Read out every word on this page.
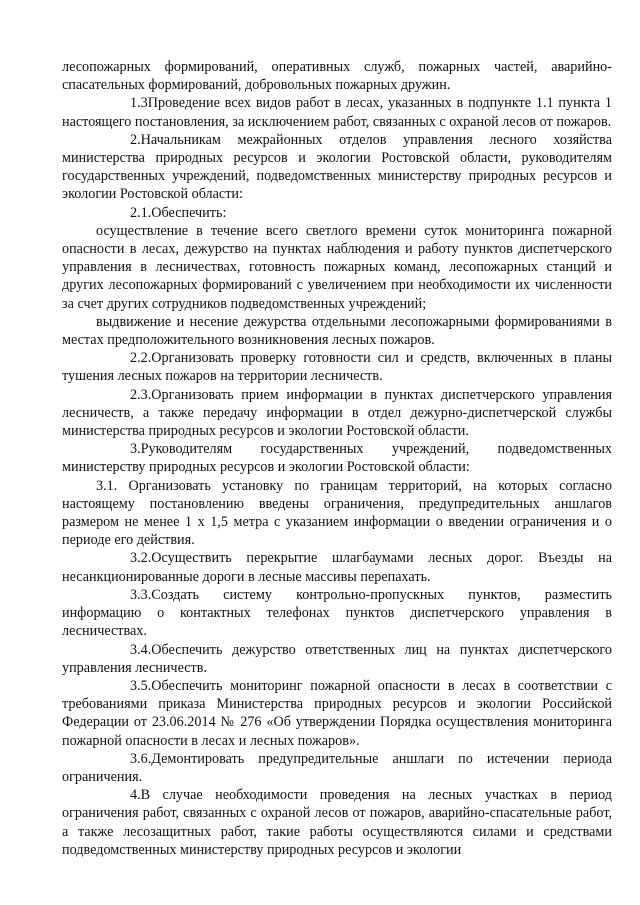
лесопожарных формирований, оперативных служб, пожарных частей, аварийно-спасательных формирований, добровольных пожарных дружин.

1.3Проведение всех видов работ в лесах, указанных в подпункте 1.1 пункта 1 настоящего постановления, за исключением работ, связанных с охраной лесов от пожаров.

2.Начальникам межрайонных отделов управления лесного хозяйства министерства природных ресурсов и экологии Ростовской области, руководителям государственных учреждений, подведомственных министерству природных ресурсов и экологии Ростовской области:

2.1.Обеспечить:

осуществление в течение всего светлого времени суток мониторинга пожарной опасности в лесах, дежурство на пунктах наблюдения и работу пунктов диспетчерского управления в лесничествах, готовность пожарных команд, лесопожарных станций и других лесопожарных формирований с увеличением при необходимости их численности за счет других сотрудников подведомственных учреждений;

выдвижение и несение дежурства отдельными лесопожарными формированиями в местах предположительного возникновения лесных пожаров.

2.2.Организовать проверку готовности сил и средств, включенных в планы тушения лесных пожаров на территории лесничеств.

2.3.Организовать прием информации в пунктах диспетчерского управления лесничеств, а также передачу информации в отдел дежурно-диспетчерской службы министерства природных ресурсов и экологии Ростовской области.

3.Руководителям государственных учреждений, подведомственных министерству природных ресурсов и экологии Ростовской области:

3.1. Организовать установку по границам территорий, на которых согласно настоящему постановлению введены ограничения, предупредительных аншлагов размером не менее 1 х 1,5 метра с указанием информации о введении ограничения и о периоде его действия.

3.2.Осуществить перекрытие шлагбаумами лесных дорог. Въезды на несанкционированные дороги в лесные массивы перепахать.

3.3.Создать систему контрольно-пропускных пунктов, разместить информацию о контактных телефонах пунктов диспетчерского управления в лесничествах.

3.4.Обеспечить дежурство ответственных лиц на пунктах диспетчерского управления лесничеств.

3.5.Обеспечить мониторинг пожарной опасности в лесах в соответствии с требованиями приказа Министерства природных ресурсов и экологии Российской Федерации от 23.06.2014 № 276 «Об утверждении Порядка осуществления мониторинга пожарной опасности в лесах и лесных пожаров».

3.6.Демонтировать предупредительные аншлаги по истечении периода ограничения.

4.В случае необходимости проведения на лесных участках в период ограничения работ, связанных с охраной лесов от пожаров, аварийно-спасательные работ, а также лесозащитных работ, такие работы осуществляются силами и средствами подведомственных министерству природных ресурсов и экологии
